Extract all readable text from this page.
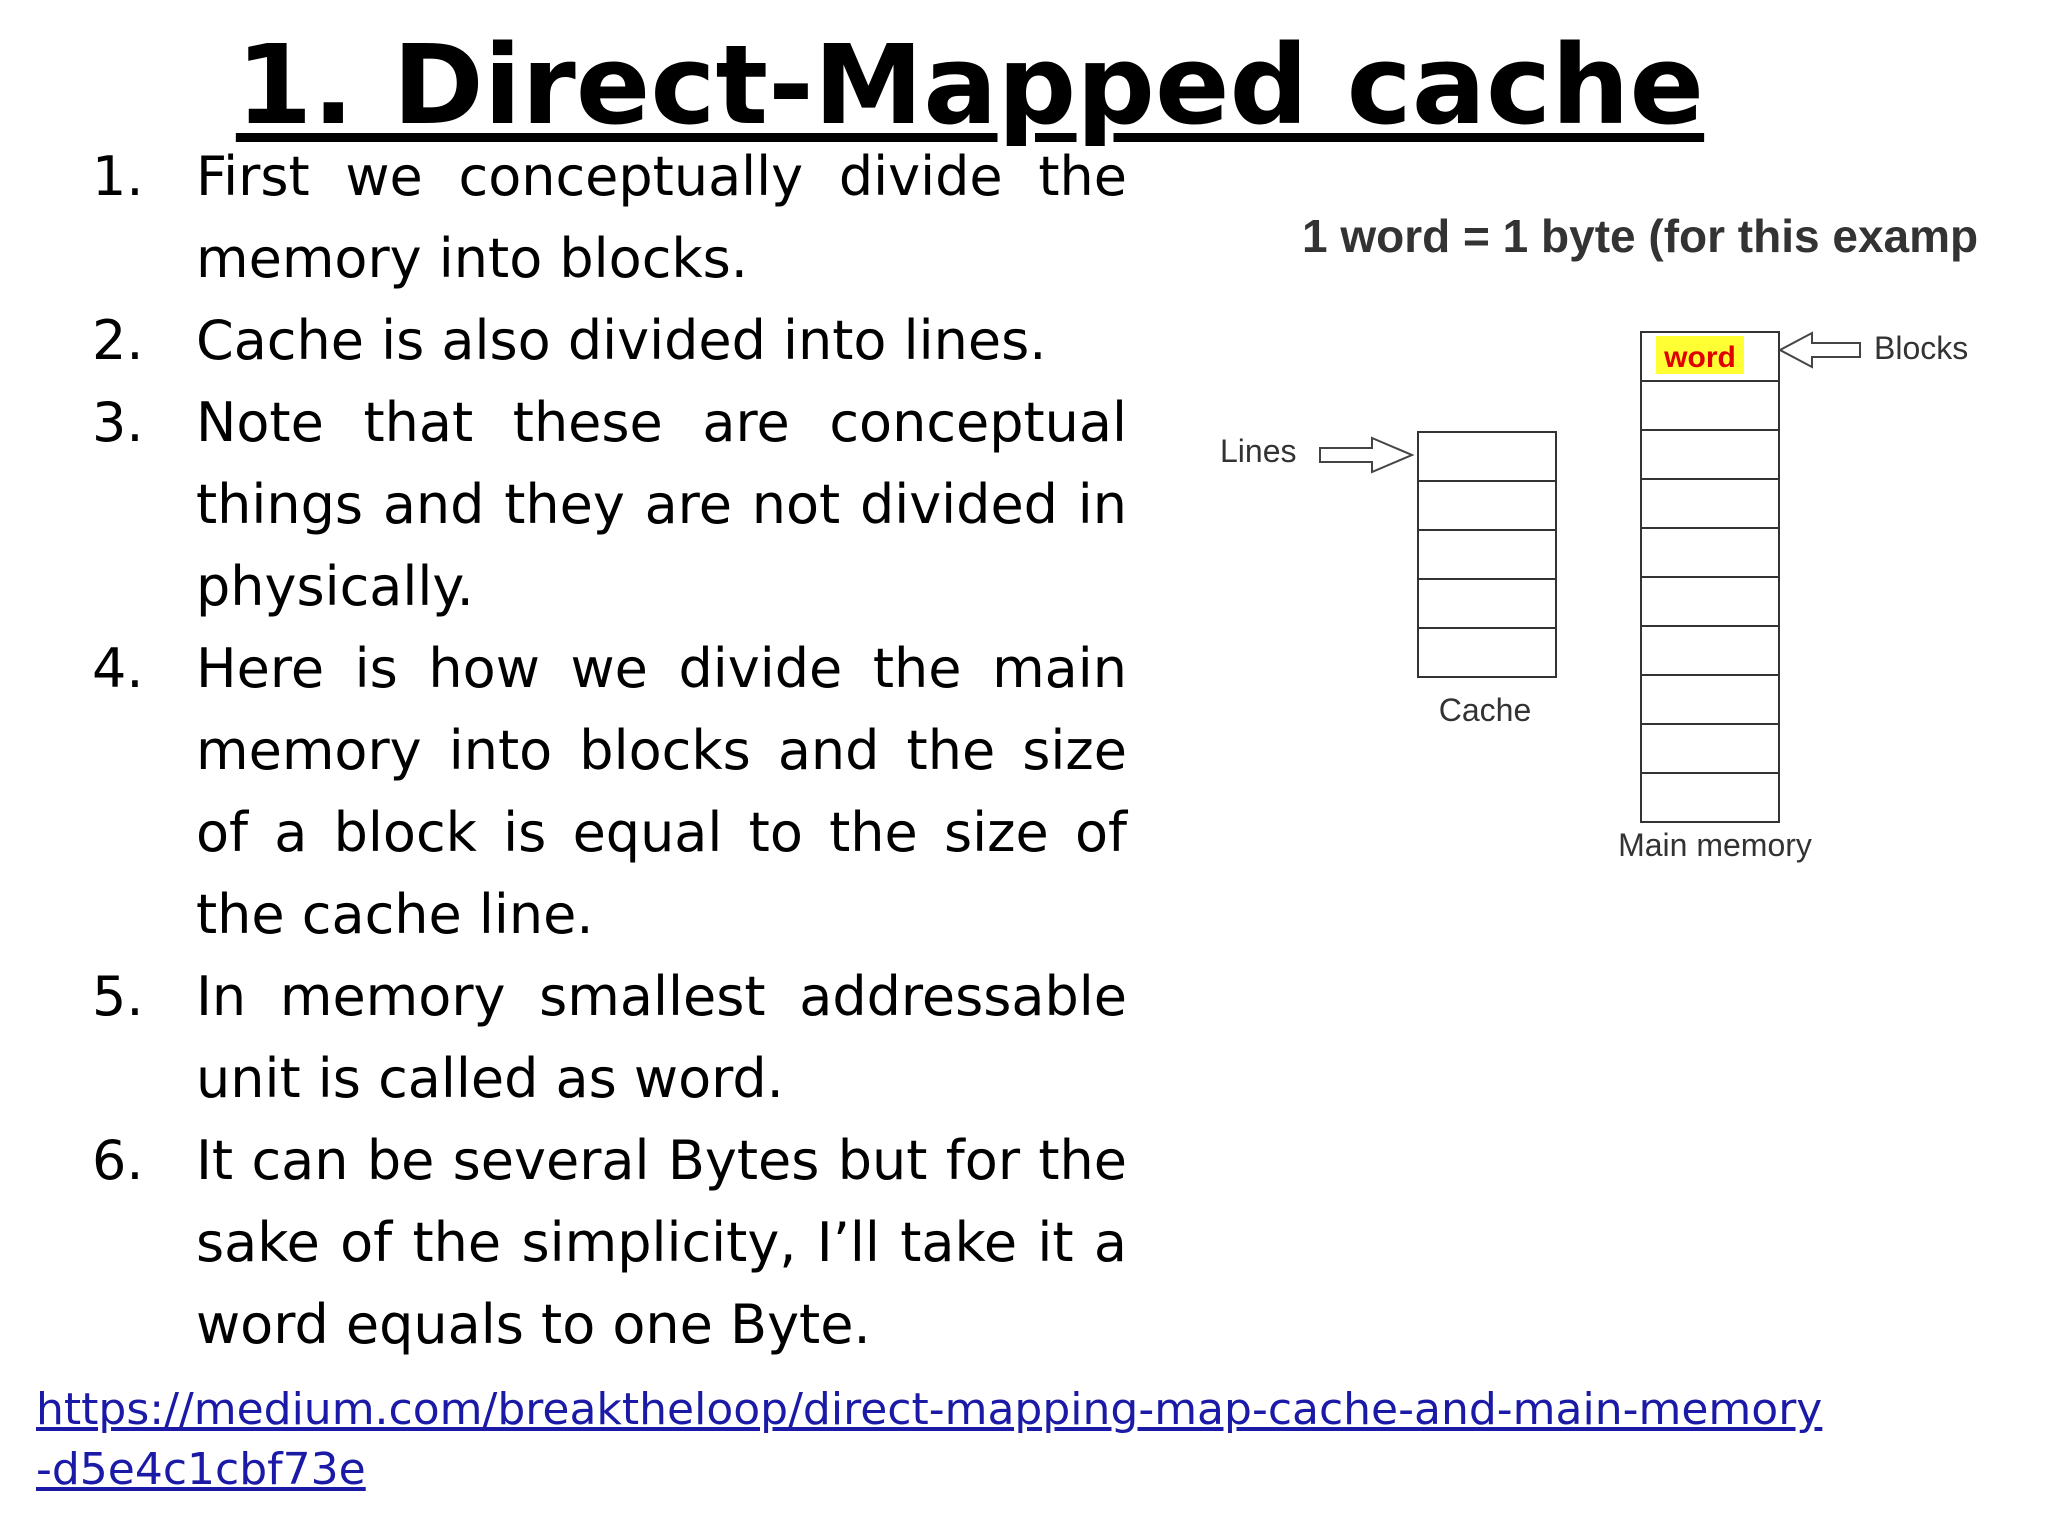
1. Direct-Mapped cache
1. First we conceptually divide the memory into blocks.
2. Cache is also divided into lines.
3. Note that these are conceptual things and they are not divided in physically.
4. Here is how we divide the main memory into blocks and the size of a block is equal to the size of the cache line.
5. In memory smallest addressable unit is called as word.
6. It can be several Bytes but for the sake of the simplicity, I’ll take it a word equals to one Byte.
1 word = 1 byte (for this examp
Lines
Cache
word
Main memory
Blocks
https://medium.com/breaktheloop/direct-mapping-map-cache-and-main-memory-d5e4c1cbf73e
